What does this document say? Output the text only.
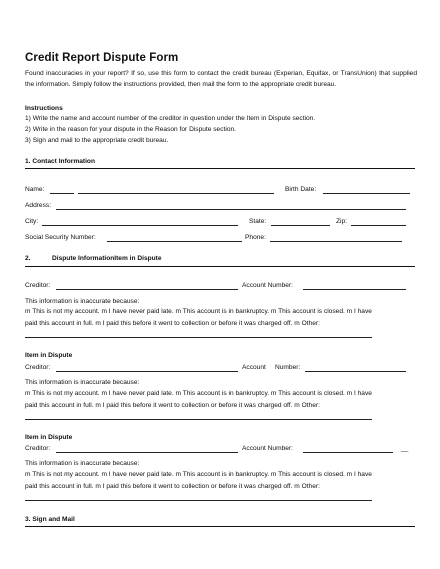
Credit Report Dispute Form
Found inaccuracies in your report? If so, use this form to contact the credit bureau (Experian, Equifax, or TransUnion) that supplied the information. Simply follow the instructions provided, then mail the form to the appropriate credit bureau.
Instructions
1) Write the name and account number of the creditor in question under the Item in Dispute section.
2) Write in the reason for your dispute in the Reason for Dispute section.
3) Sign and mail to the appropriate credit bureau.
1. Contact Information
Name:	Birth Date:
Address:
City:	State:	Zip:
Social Security Number:	Phone:
2.	Dispute InformationItem in Dispute
Creditor:	Account Number:
This information is inaccurate because:
m This is not my account. m I have never paid late. m This account is in bankruptcy. m This account is closed. m I have
paid this account in full. m I paid this before it went to collection or before it was charged off. m Other:
Item in Dispute
Creditor:	Account Number:
This information is inaccurate because:
m This is not my account. m I have never paid late. m This account is in bankruptcy. m This account is closed. m I have
paid this account in full. m I paid this before it went to collection or before it was charged off. m Other:
Item in Dispute
Creditor:	Account Number:	__
This information is inaccurate because:
m This is not my account. m I have never paid late. m This account is in bankruptcy. m This account is closed. m I have
paid this account in full. m I paid this before it went to collection or before it was charged off. m Other:
3. Sign and Mail
